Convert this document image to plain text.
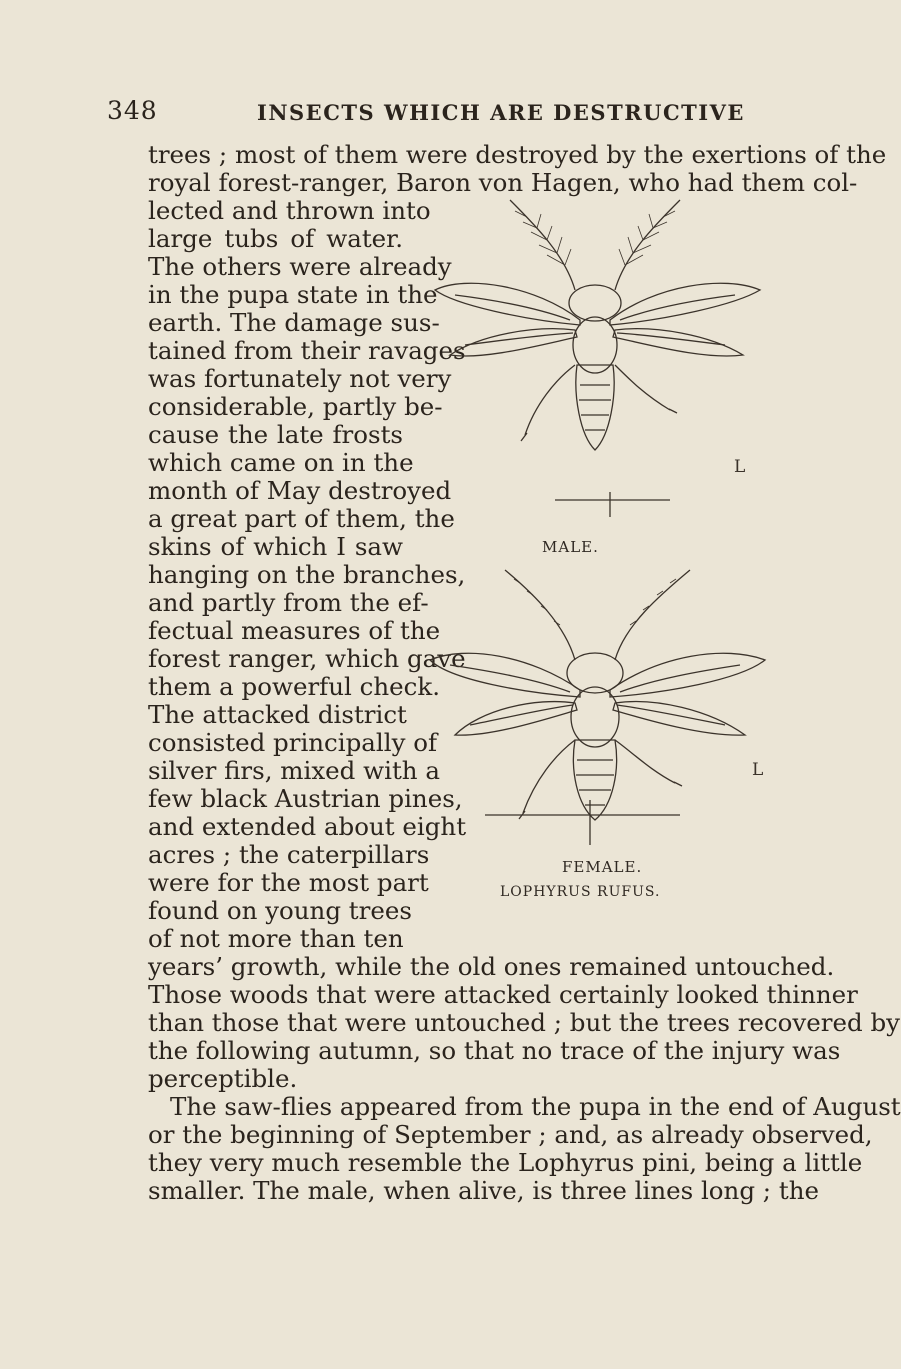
348	INSECTS WHICH ARE DESTRUCTIVE
trees ; most of them were destroyed by the exertions of the
royal forest-ranger, Baron von Hagen, who had them col-
lected and thrown into
large tubs of water.
The others were already
in the pupa state in the
earth. The damage sus-
tained from their ravages
was fortunately not very
considerable, partly be-
cause the late frosts
which came on in the
month of May destroyed
a great part of them, the
skins of which I saw
hanging on the branches,
and partly from the ef-
fectual measures of the
forest ranger, which gave
them a powerful check.
The attacked district
consisted principally of
silver firs, mixed with a
few black Austrian pines,
and extended about eight
acres ; the caterpillars
were for the most part
found on young trees
of not more than ten
years’ growth, while the old ones remained untouched.
Those woods that were attacked certainly looked thinner
than those that were untouched ; but the trees recovered by
the following autumn, so that no trace of the injury was
perceptible.
The saw-flies appeared from the pupa in the end of August
or the beginning of September ; and, as already observed,
they very much resemble the Lophyrus pini, being a little
smaller. The male, when alive, is three lines long ; the
L
MALE.
L
FEMALE.
LOPHYRUS RUFUS.
